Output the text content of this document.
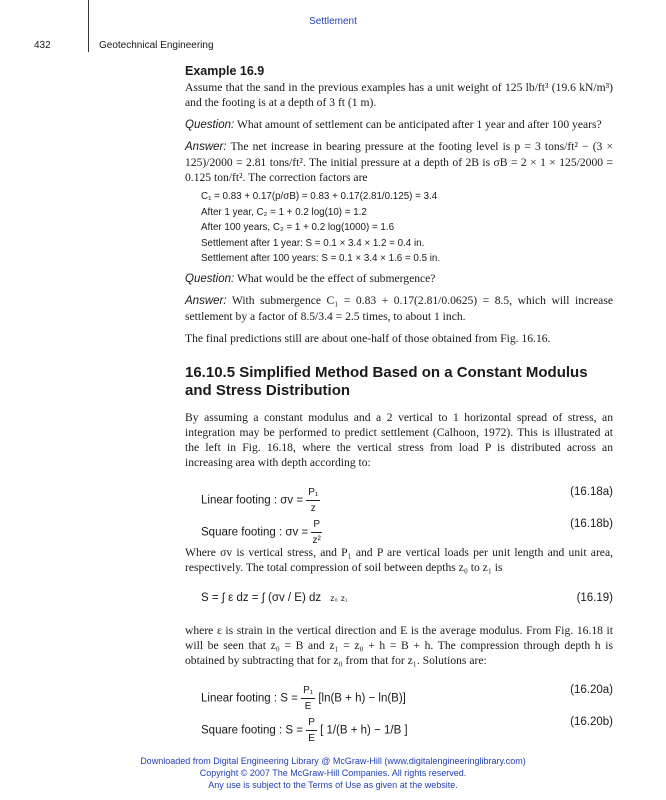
Settlement
432	Geotechnical Engineering
Example 16.9

Assume that the sand in the previous examples has a unit weight of 125 lb/ft³ (19.6 kN/m³) and the footing is at a depth of 3 ft (1 m).

Question: What amount of settlement can be anticipated after 1 year and after 100 years?

Answer: The net increase in bearing pressure at the footing level is p = 3 tons/ft² − (3 × 125)/2000 = 2.81 tons/ft². The initial pressure at a depth of 2B is σB = 2 × 1 × 125/2000 = 0.125 ton/ft². The correction factors are

C₁ = 0.83 + 0.17(p/σB) = 0.83 + 0.17(2.81/0.125) = 3.4
After 1 year, C₂ = 1 + 0.2 log(10) = 1.2
After 100 years, C₂ = 1 + 0.2 log(1000) = 1.6
Settlement after 1 year: S = 0.1 × 3.4 × 1.2 = 0.4 in.
Settlement after 100 years: S = 0.1 × 3.4 × 1.6 = 0.5 in.

Question: What would be the effect of submergence?

Answer: With submergence C₁ = 0.83 + 0.17(2.81/0.0625) = 8.5, which will increase settlement by a factor of 8.5/3.4 = 2.5 times, to about 1 inch.

The final predictions still are about one-half of those obtained from Fig. 16.16.

16.10.5 Simplified Method Based on a Constant Modulus and Stress Distribution

By assuming a constant modulus and a 2 vertical to 1 horizontal spread of stress, an integration may be performed to predict settlement (Calhoon, 1972). This is illustrated at the left in Fig. 16.18, where the vertical stress from load P is distributed across an increasing area with depth according to:

Linear footing : $\sigma v = \frac{\text{P₁}}{z}$	(16.18a)
Square footing : $\sigma v = \frac{P}{\text{z²}}$	(16.18b)

Where σv is vertical stress, and P₁ and P are vertical loads per unit length and unit area, respectively. The total compression of soil between depths z₀ to z₁ is

S = ∫ ε dz = ∫ (σv / E) dz z₀ z₁	(16.19)

where ε is strain in the vertical direction and E is the average modulus. From Fig. 16.18 it will be seen that z₀ = B and z₁ = z₀ + h = B + h. The compression through depth h is obtained by subtracting that for z₀ from that for z₁. Solutions are:

Linear footing : $S = \frac{\text{P₁}}{E} [\ln(B + h) - \ln(B)]$
(16.20a)
Square footing : $S = \frac{P}{E}$ [ 1/(B + h) − 1/B ]
(16.20b)
Downloaded from Digital Engineering Library @ McGraw-Hill (www.digitalengineeringlibrary.com)
Copyright © 2007 The McGraw-Hill Companies. All rights reserved.
Any use is subject to the Terms of Use as given at the website.
